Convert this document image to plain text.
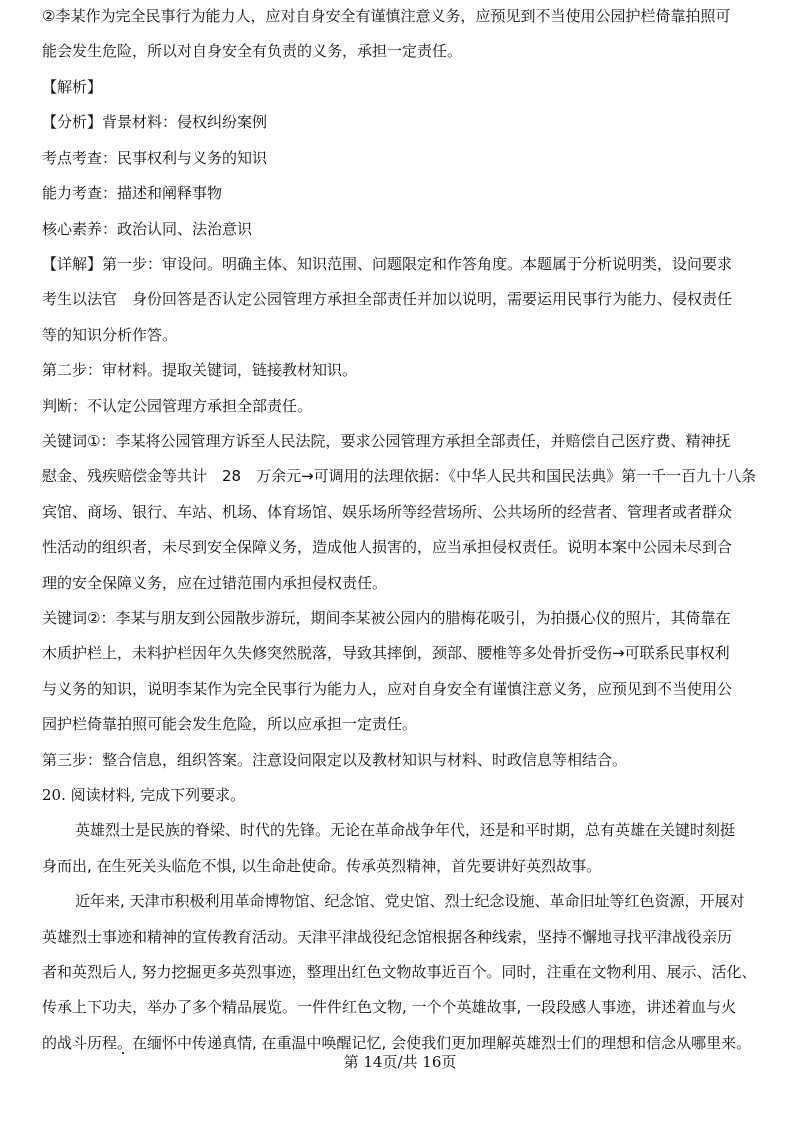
②李某作为完全民事行为能力人，应对自身安全有谨慎注意义务，应预见到不当使用公园护栏倚靠拍照可
能会发生危险，所以对自身安全有负责的义务，承担一定责任。
【解析】
【分析】背景材料：侵权纠纷案例
考点考查：民事权利与义务的知识
能力考查：描述和阐释事物
核心素养：政治认同、法治意识
【详解】第一步：审设问。明确主体、知识范围、问题限定和作答角度。本题属于分析说明类，设问要求
考生以法官　身份回答是否认定公园管理方承担全部责任并加以说明，需要运用民事行为能力、侵权责任
等的知识分析作答。
第二步：审材料。提取关键词，链接教材知识。
判断：不认定公园管理方承担全部责任。
关键词①：李某将公园管理方诉至人民法院，要求公园管理方承担全部责任，并赔偿自己医疗费、精神抚
慰金、残疾赔偿金等共计　28　万余元→可调用的法理依据：《中华人民共和国民法典》第一千一百九十八条
宾馆、商场、银行、车站、机场、体育场馆、娱乐场所等经营场所、公共场所的经营者、管理者或者群众
性活动的组织者，未尽到安全保障义务，造成他人损害的，应当承担侵权责任。说明本案中公园未尽到合
理的安全保障义务，应在过错范围内承担侵权责任。
关键词②：李某与朋友到公园散步游玩，期间李某被公园内的腊梅花吸引，为拍摄心仪的照片，其倚靠在
木质护栏上，未料护栏因年久失修突然脱落，导致其摔倒，颈部、腰椎等多处骨折受伤→可联系民事权利
与义务的知识，说明李某作为完全民事行为能力人，应对自身安全有谨慎注意义务，应预见到不当使用公
园护栏倚靠拍照可能会发生危险，所以应承担一定责任。
第三步：整合信息，组织答案。注意设问限定以及教材知识与材料、时政信息等相结合。
20. 阅读材料, 完成下列要求。
英雄烈士是民族的脊梁、时代的先锋。无论在革命战争年代，还是和平时期，总有英雄在关键时刻挺
身而出, 在生死关头临危不惧, 以生命赴使命。传承英烈精神，首先要讲好英烈故事。
近年来, 天津市积极利用革命博物馆、纪念馆、党史馆、烈士纪念设施、革命旧址等红色资源，开展对
英雄烈士事迹和精神的宣传教育活动。天津平津战役纪念馆根据各种线索，坚持不懈地寻找平津战役亲历
者和英烈后人, 努力挖掘更多英烈事迹，整理出红色文物故事近百个。同时，注重在文物利用、展示、活化、
传承上下功夫，举办了多个精品展览。一件件红色文物, 一个个英雄故事, 一段段感人事迹，讲述着血与火
的战斗历程。在缅怀中传递真情, 在重温中唤醒记忆, 会使我们更加理解英雄烈士们的理想和信念从哪里来。
第 14页/共 16页
